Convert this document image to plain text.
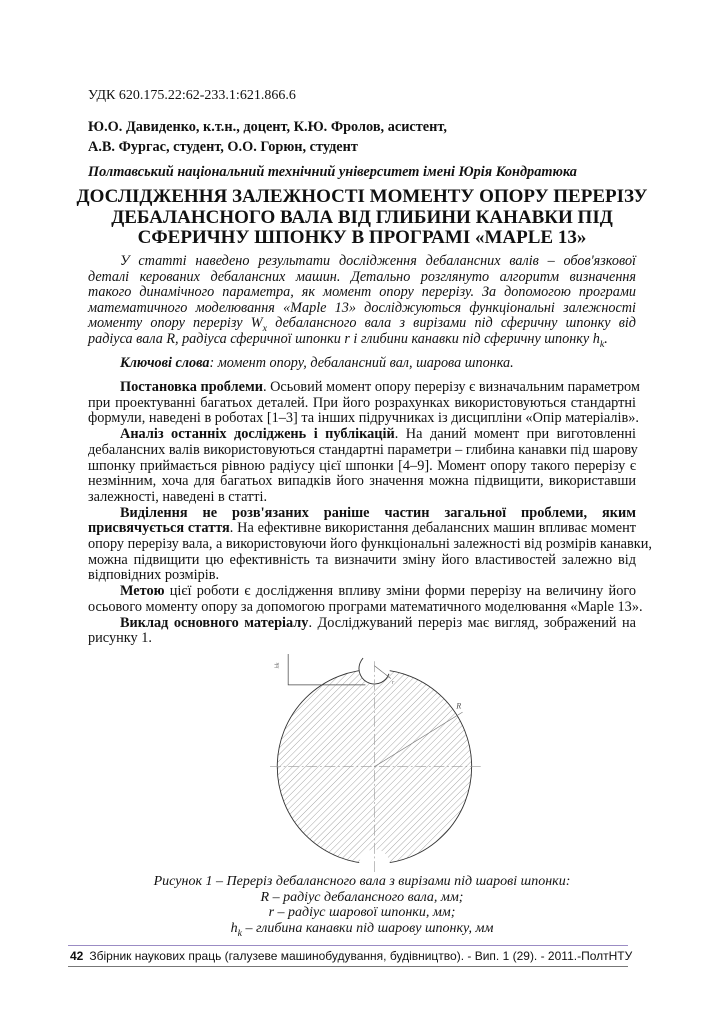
УДК 620.175.22:62-233.1:621.866.6
Ю.О. Давиденко, к.т.н., доцент, К.Ю. Фролов, асистент,
А.В. Фургас, студент, О.О. Горюн, студент
Полтавський національний технічний університет імені Юрія Кондратюка
ДОСЛІДЖЕННЯ ЗАЛЕЖНОСТІ МОМЕНТУ ОПОРУ ПЕРЕРІЗУ
ДЕБАЛАНСНОГО ВАЛА ВІД ГЛИБИНИ КАНАВКИ ПІД
СФЕРИЧНУ ШПОНКУ В ПРОГРАМІ «MAPLE 13»
У статті наведено результати дослідження дебалансних валів – обов'язкової
деталі керованих дебалансних машин. Детально розглянуто алгоритм визначення
такого динамічного параметра, як момент опору перерізу. За допомогою програми
математичного моделювання «Maple 13» досліджуються функціональні залежності
моменту опору перерізу $W_x$ дебалансного вала з вирізами під сферичну шпонку від
радіуса вала R, радіуса сферичної шпонки r і глибини канавки під сферичну шпонку $h_k$.
Ключові слова: момент опору, дебалансний вал, шарова шпонка.
Постановка проблеми. Осьовий момент опору перерізу є визначальним параметром
при проектуванні багатьох деталей. При його розрахунках використовуються стандартні
формули, наведені в роботах [1–3] та інших підручниках із дисципліни «Опір матеріалів».
Аналіз останніх досліджень і публікацій. На даний момент при виготовленні
дебалансних валів використовуються стандартні параметри – глибина канавки під шарову
шпонку приймається рівною радіусу цієї шпонки [4–9]. Момент опору такого перерізу є
незмінним, хоча для багатьох випадків його значення можна підвищити, використавши
залежності, наведені в статті.
Виділення не розв'язаних раніше частин загальної проблеми, яким
присвячується стаття. На ефективне використання дебалансних машин впливає момент
опору перерізу вала, а використовуючи його функціональні залежності від розмірів канавки,
можна підвищити цю ефективність та визначити зміну його властивостей залежно від
відповідних розмірів.
Метою цієї роботи є дослідження впливу зміни форми перерізу на величину його
осьового моменту опору за допомогою програми математичного моделювання «Maple 13».
Виклад основного матеріалу. Досліджуваний переріз має вигляд, зображений на
рисунку 1.
R
r
hk
Рисунок 1 – Переріз дебалансного вала з вирізами під шарові шпонки:
R – радіус дебалансного вала, мм;
r – радіус шарової шпонки, мм;
$h_k$ – глибина канавки під шарову шпонку, мм
42 Збірник наукових праць (галузеве машинобудування, будівництво). - Вип. 1 (29). - 2011.-ПолтНТУ
